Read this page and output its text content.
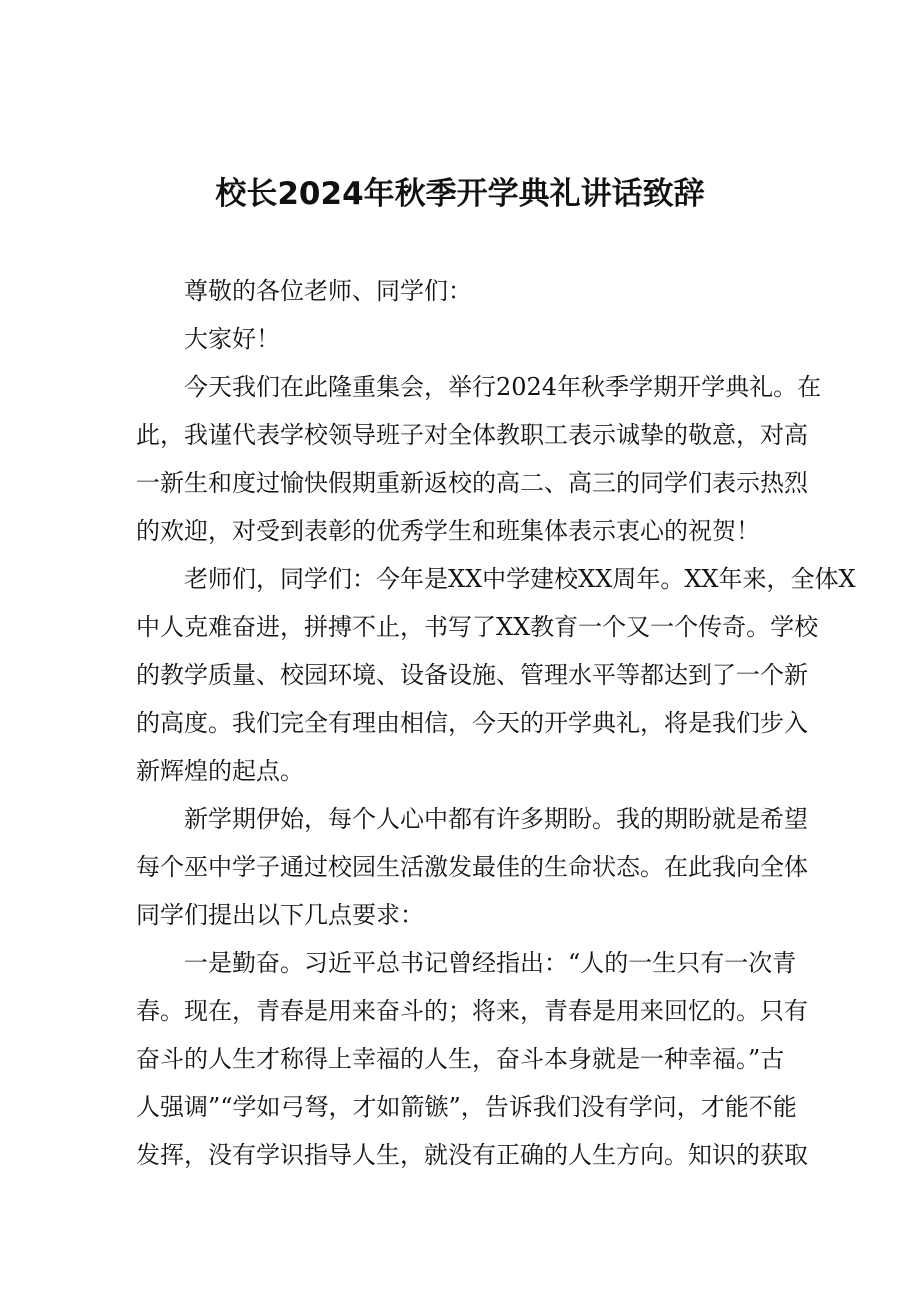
校长2024年秋季开学典礼讲话致辞
尊敬的各位老师、同学们：
大家好！
今天我们在此隆重集会，举行2024年秋季学期开学典礼。在
此，我谨代表学校领导班子对全体教职工表示诚挚的敬意，对高
一新生和度过愉快假期重新返校的高二、高三的同学们表示热烈
的欢迎，对受到表彰的优秀学生和班集体表示衷心的祝贺！
老师们，同学们：今年是XX中学建校XX周年。XX年来，全体X
中人克难奋进，拼搏不止，书写了XX教育一个又一个传奇。学校
的教学质量、校园环境、设备设施、管理水平等都达到了一个新
的高度。我们完全有理由相信，今天的开学典礼，将是我们步入
新辉煌的起点。
新学期伊始，每个人心中都有许多期盼。我的期盼就是希望
每个巫中学子通过校园生活激发最佳的生命状态。在此我向全体
同学们提出以下几点要求：
一是勤奋。习近平总书记曾经指出：“人的一生只有一次青
春。现在，青春是用来奋斗的；将来，青春是用来回忆的。只有
奋斗的人生才称得上幸福的人生，奋斗本身就是一种幸福。”古
人强调”“学如弓弩，才如箭镞”，告诉我们没有学问，才能不能
发挥，没有学识指导人生，就没有正确的人生方向。知识的获取
